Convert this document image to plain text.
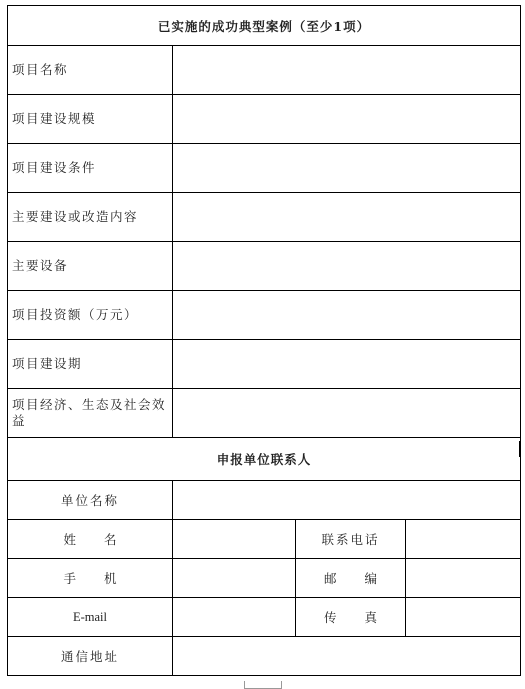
已实施的成功典型案例（至少1项）			
项目名称			
项目建设规模			
项目建设条件			
主要建设或改造内容			
主要设备			
项目投资额（万元）			
项目建设期			
项目经济、生态及社会效益			
申报单位联系人			
单位名称			
姓 名		联系电话	
手 机		邮 编	
E-mail		传 真	
通信地址			
